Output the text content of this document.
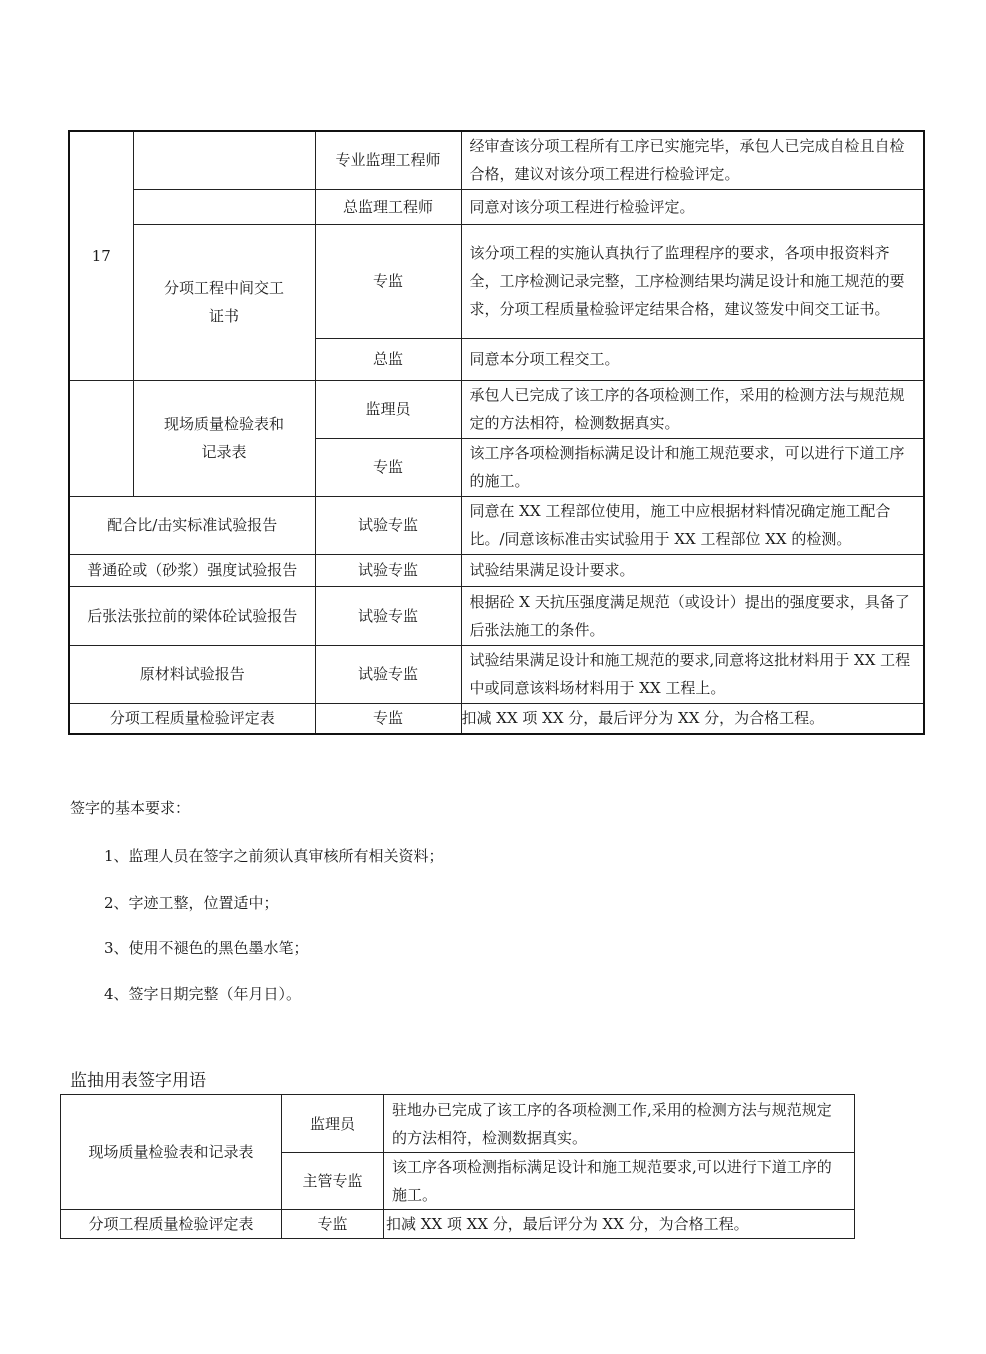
17		专业监理工程师	经审查该分项工程所有工序已实施完毕，承包人已完成自检且自检合格，建议对该分项工程进行检验评定。
		总监理工程师	同意对该分项工程进行检验评定。
	分项工程中间交工证书	专监	该分项工程的实施认真执行了监理程序的要求，各项申报资料齐全，工序检测记录完整，工序检测结果均满足设计和施工规范的要求，分项工程质量检验评定结果合格，建议签发中间交工证书。
		总监	同意本分项工程交工。
	现场质量检验表和记录表	监理员	承包人已完成了该工序的各项检测工作，采用的检测方法与规范规定的方法相符，检测数据真实。
		专监	该工序各项检测指标满足设计和施工规范要求，可以进行下道工序的施工。
配合比/击实标准试验报告		试验专监	同意在 XX 工程部位使用，施工中应根据材料情况确定施工配合比。/同意该标准击实试验用于 XX 工程部位 XX 的检测。
普通砼或（砂浆）强度试验报告		试验专监	试验结果满足设计要求。
后张法张拉前的梁体砼试验报告		试验专监	根据砼 X 天抗压强度满足规范（或设计）提出的强度要求，具备了后张法施工的条件。
原材料试验报告		试验专监	试验结果满足设计和施工规范的要求,同意将这批材料用于 XX 工程中或同意该料场材料用于 XX 工程上。
分项工程质量检验评定表		专监	扣减 XX 项 XX 分，最后评分为 XX 分，为合格工程。
签字的基本要求：
1、监理人员在签字之前须认真审核所有相关资料；
2、字迹工整，位置适中；
3、使用不褪色的黑色墨水笔；
4、签字日期完整（年月日）。
监抽用表签字用语
现场质量检验表和记录表	监理员	驻地办已完成了该工序的各项检测工作,采用的检测方法与规范规定的方法相符，检测数据真实。
	主管专监	该工序各项检测指标满足设计和施工规范要求,可以进行下道工序的施工。
分项工程质量检验评定表	专监	扣减 XX 项 XX 分，最后评分为 XX 分，为合格工程。
